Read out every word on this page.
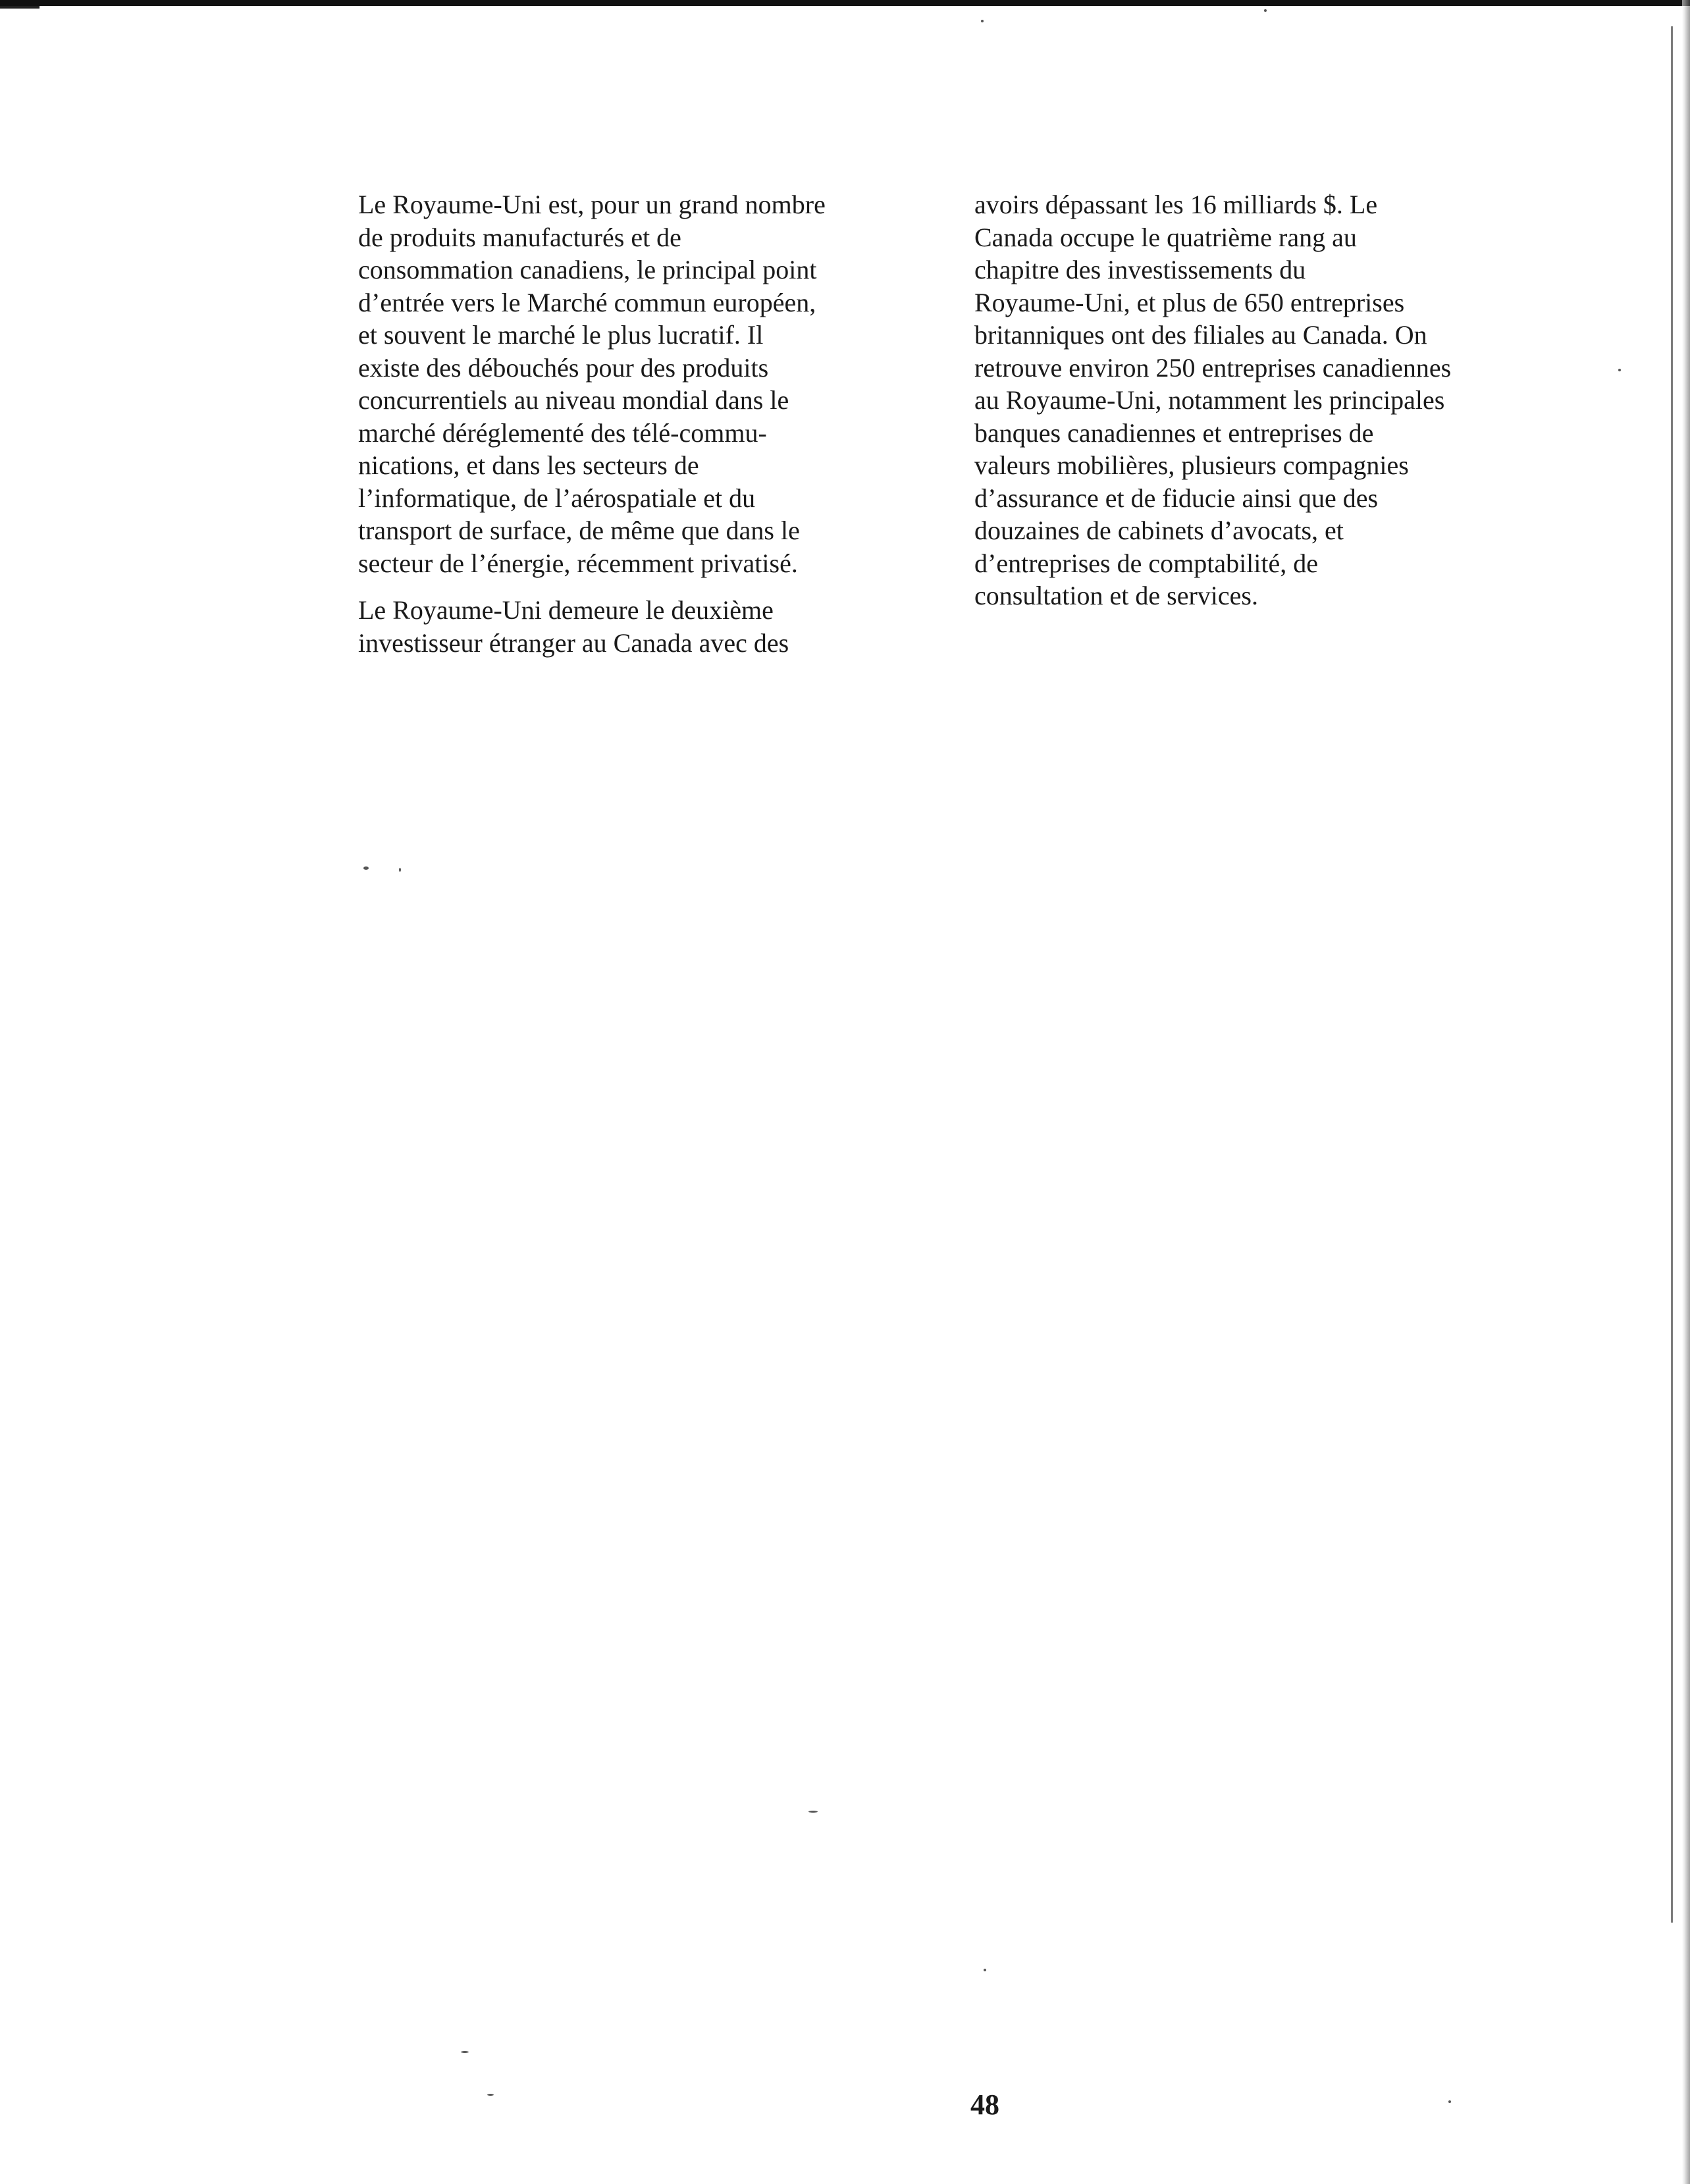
Le Royaume-Uni est, pour un grand nombre
de produits manufacturés et de
consommation canadiens, le principal point
d’entrée vers le Marché commun européen,
et souvent le marché le plus lucratif. Il
existe des débouchés pour des produits
concurrentiels au niveau mondial dans le
marché déréglementé des télé-commu-
nications, et dans les secteurs de
l’informatique, de l’aérospatiale et du
transport de surface, de même que dans le
secteur de l’énergie, récemment privatisé.

Le Royaume-Uni demeure le deuxième
investisseur étranger au Canada avec des

avoirs dépassant les 16 milliards $. Le
Canada occupe le quatrième rang au
chapitre des investissements du
Royaume-Uni, et plus de 650 entreprises
britanniques ont des filiales au Canada. On
retrouve environ 250 entreprises canadiennes
au Royaume-Uni, notamment les principales
banques canadiennes et entreprises de
valeurs mobilières, plusieurs compagnies
d’assurance et de fiducie ainsi que des
douzaines de cabinets d’avocats, et
d’entreprises de comptabilité, de
consultation et de services.

48
